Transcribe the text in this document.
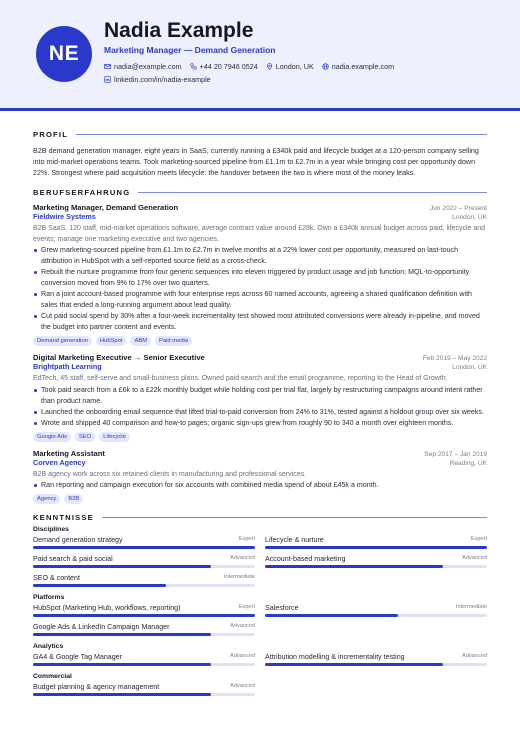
NE
Nadia Example
Marketing Manager — Demand Generation
nadia@example.com	+44 20 7946 0524	London, UK	nadia.example.com
linkedin.com/in/nadia-example
PROFIL

B2B demand generation manager, eight years in SaaS, currently running a £340k paid and lifecycle budget at a 120-person company selling into mid-market operations teams. Took marketing-sourced pipeline from £1.1m to £2.7m in a year while bringing cost per opportunity down 22%. Strongest where paid acquisition meets lifecycle: the handover between the two is where most of the money leaks.

BERUFSERFAHRUNG
Marketing Manager, Demand Generation	Jun 2022 – Present
Fieldwire Systems	London, UK
B2B SaaS, 120 staff, mid-market operations software, average contract value around £28k. Own a £340k annual budget across paid, lifecycle and events; manage one marketing executive and two agencies.
Grew marketing-sourced pipeline from £1.1m to £2.7m in twelve months at a 22% lower cost per opportunity, measured on last-touch attribution in HubSpot with a self-reported source field as a cross-check.
Rebuilt the nurture programme from four generic sequences into eleven triggered by product usage and job function; MQL-to-opportunity conversion moved from 9% to 17% over two quarters.
Ran a joint account-based programme with four enterprise reps across 60 named accounts, agreeing a shared qualification definition with sales that ended a long-running argument about lead quality.
Cut paid social spend by 30% after a four-week incrementality test showed most attributed conversions were already in-pipeline, and moved the budget into partner content and events.
Demand generation	HubSpot	ABM	Paid media
Digital Marketing Executive → Senior Executive	Feb 2019 – May 2022
Brightpath Learning	London, UK
EdTech, 45 staff, self-serve and small-business plans. Owned paid search and the email programme, reporting to the Head of Growth.
Took paid search from a £6k to a £22k monthly budget while holding cost per trial flat, largely by restructuring campaigns around intent rather than product name.
Launched the onboarding email sequence that lifted trial-to-paid conversion from 24% to 31%, tested against a holdout group over six weeks.
Wrote and shipped 40 comparison and how-to pages; organic sign-ups grew from roughly 90 to 340 a month over eighteen months.
Google Ads	SEO	Lifecycle
Marketing Assistant	Sep 2017 – Jan 2019
Corven Agency	Reading, UK
B2B agency work across six retained clients in manufacturing and professional services.
Ran reporting and campaign execution for six accounts with combined media spend of about £45k a month.
Agency	B2B
KENNTNISSE
Disciplines
Demand generation strategy	Expert Lifecycle & nurture	Expert
Paid search & paid social	Advanced Account-based marketing	Advanced
SEO & content	Intermediate
Platforms
HubSpot (Marketing Hub, workflows, reporting)	Expert Salesforce	Intermediate
Google Ads & LinkedIn Campaign Manager	Advanced
Analytics
GA4 & Google Tag Manager	Advanced Attribution modelling & incrementality testing	Advanced
Commercial
Budget planning & agency management	Advanced
